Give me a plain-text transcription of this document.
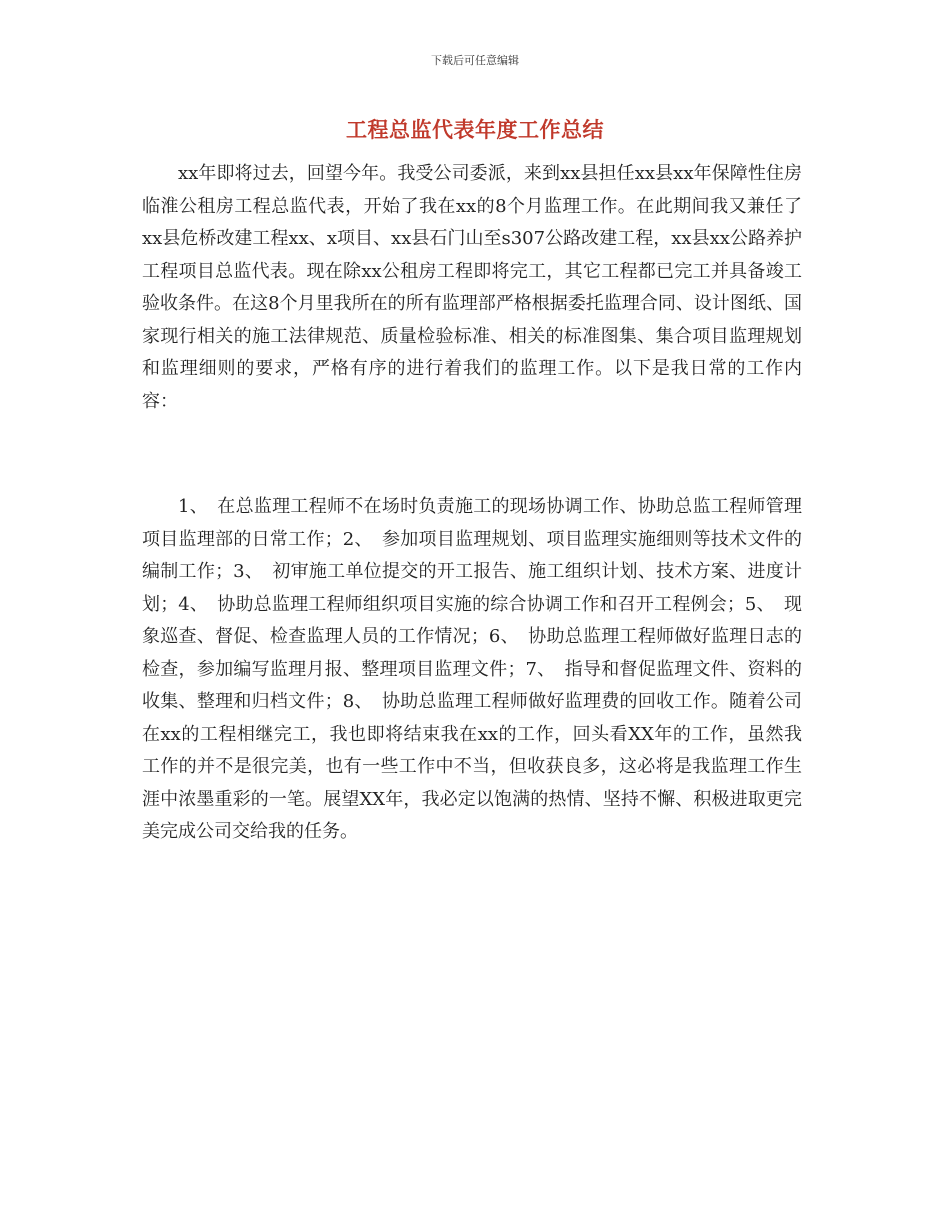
下载后可任意编辑
工程总监代表年度工作总结

xx年即将过去，回望今年。我受公司委派，来到xx县担任xx县xx年保障性住房临淮公租房工程总监代表，开始了我在xx的8个月监理工作。在此期间我又兼任了xx县危桥改建工程xx、x项目、xx县石门山至s307公路改建工程，xx县xx公路养护工程项目总监代表。现在除xx公租房工程即将完工，其它工程都已完工并具备竣工验收条件。在这8个月里我所在的所有监理部严格根据委托监理合同、设计图纸、国家现行相关的施工法律规范、质量检验标准、相关的标准图集、集合项目监理规划和监理细则的要求，严格有序的进行着我们的监理工作。以下是我日常的工作内容：

1、　在总监理工程师不在场时负责施工的现场协调工作、协助总监工程师管理项目监理部的日常工作；2、　参加项目监理规划、项目监理实施细则等技术文件的编制工作；3、　初审施工单位提交的开工报告、施工组织计划、技术方案、进度计划；4、　协助总监理工程师组织项目实施的综合协调工作和召开工程例会；5、　现象巡查、督促、检查监理人员的工作情况；6、　协助总监理工程师做好监理日志的检查，参加编写监理月报、整理项目监理文件；7、　指导和督促监理文件、资料的收集、整理和归档文件；8、　协助总监理工程师做好监理费的回收工作。随着公司在xx的工程相继完工，我也即将结束我在xx的工作，回头看XX年的工作，虽然我工作的并不是很完美，也有一些工作中不当，但收获良多，这必将是我监理工作生涯中浓墨重彩的一笔。展望XX年，我必定以饱满的热情、坚持不懈、积极进取更完美完成公司交给我的任务。
